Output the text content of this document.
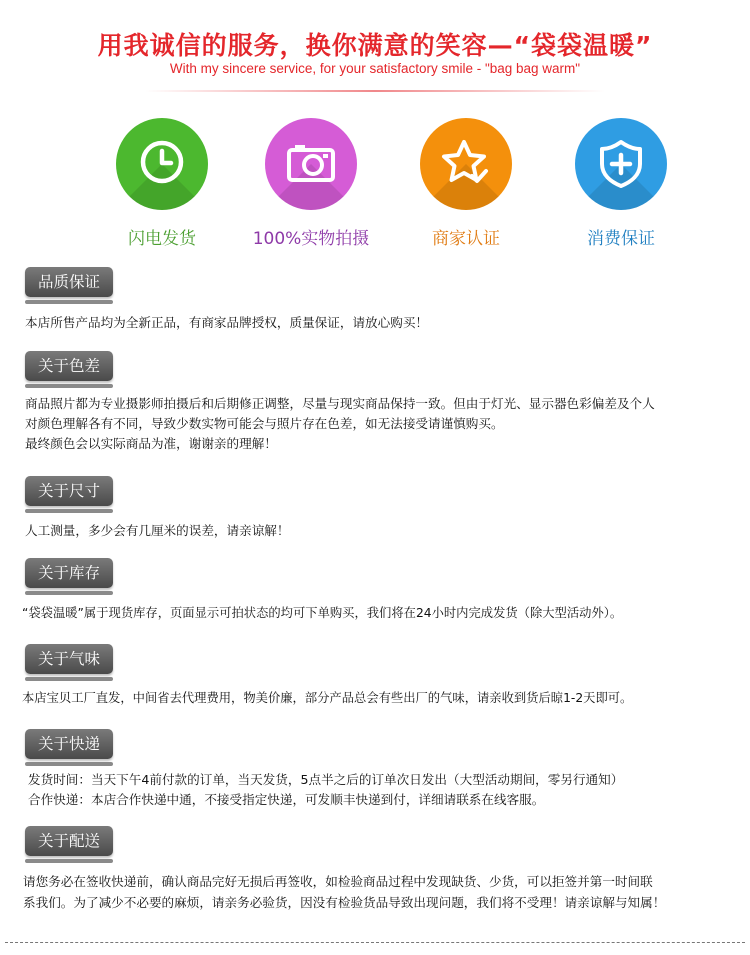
用我诚信的服务，换你满意的笑容—“袋袋温暖”
With my sincere service, for your satisfactory smile - "bag bag warm"
闪电发货	100%实物拍摄	商家认证	消费保证
品质保证
本店所售产品均为全新正品，有商家品牌授权，质量保证，请放心购买！
关于色差
商品照片都为专业摄影师拍摄后和后期修正调整，尽量与现实商品保持一致。但由于灯光、显示器色彩偏差及个人
对颜色理解各有不同，导致少数实物可能会与照片存在色差，如无法接受请谨慎购买。
最终颜色会以实际商品为准，谢谢亲的理解！
关于尺寸
人工测量，多少会有几厘米的误差，请亲谅解！
关于库存
“袋袋温暖”属于现货库存，页面显示可拍状态的均可下单购买，我们将在24小时内完成发货（除大型活动外）。
关于气味
本店宝贝工厂直发，中间省去代理费用，物美价廉，部分产品总会有些出厂的气味，请亲收到货后晾1-2天即可。
关于快递
发货时间：当天下午4前付款的订单，当天发货，5点半之后的订单次日发出（大型活动期间，零另行通知）
合作快递：本店合作快递中通，不接受指定快递，可发顺丰快递到付，详细请联系在线客服。
关于配送
请您务必在签收快递前，确认商品完好无损后再签收，如检验商品过程中发现缺货、少货，可以拒签并第一时间联
系我们。为了减少不必要的麻烦，请亲务必验货，因没有检验货品导致出现问题，我们将不受理！请亲谅解与知属！
